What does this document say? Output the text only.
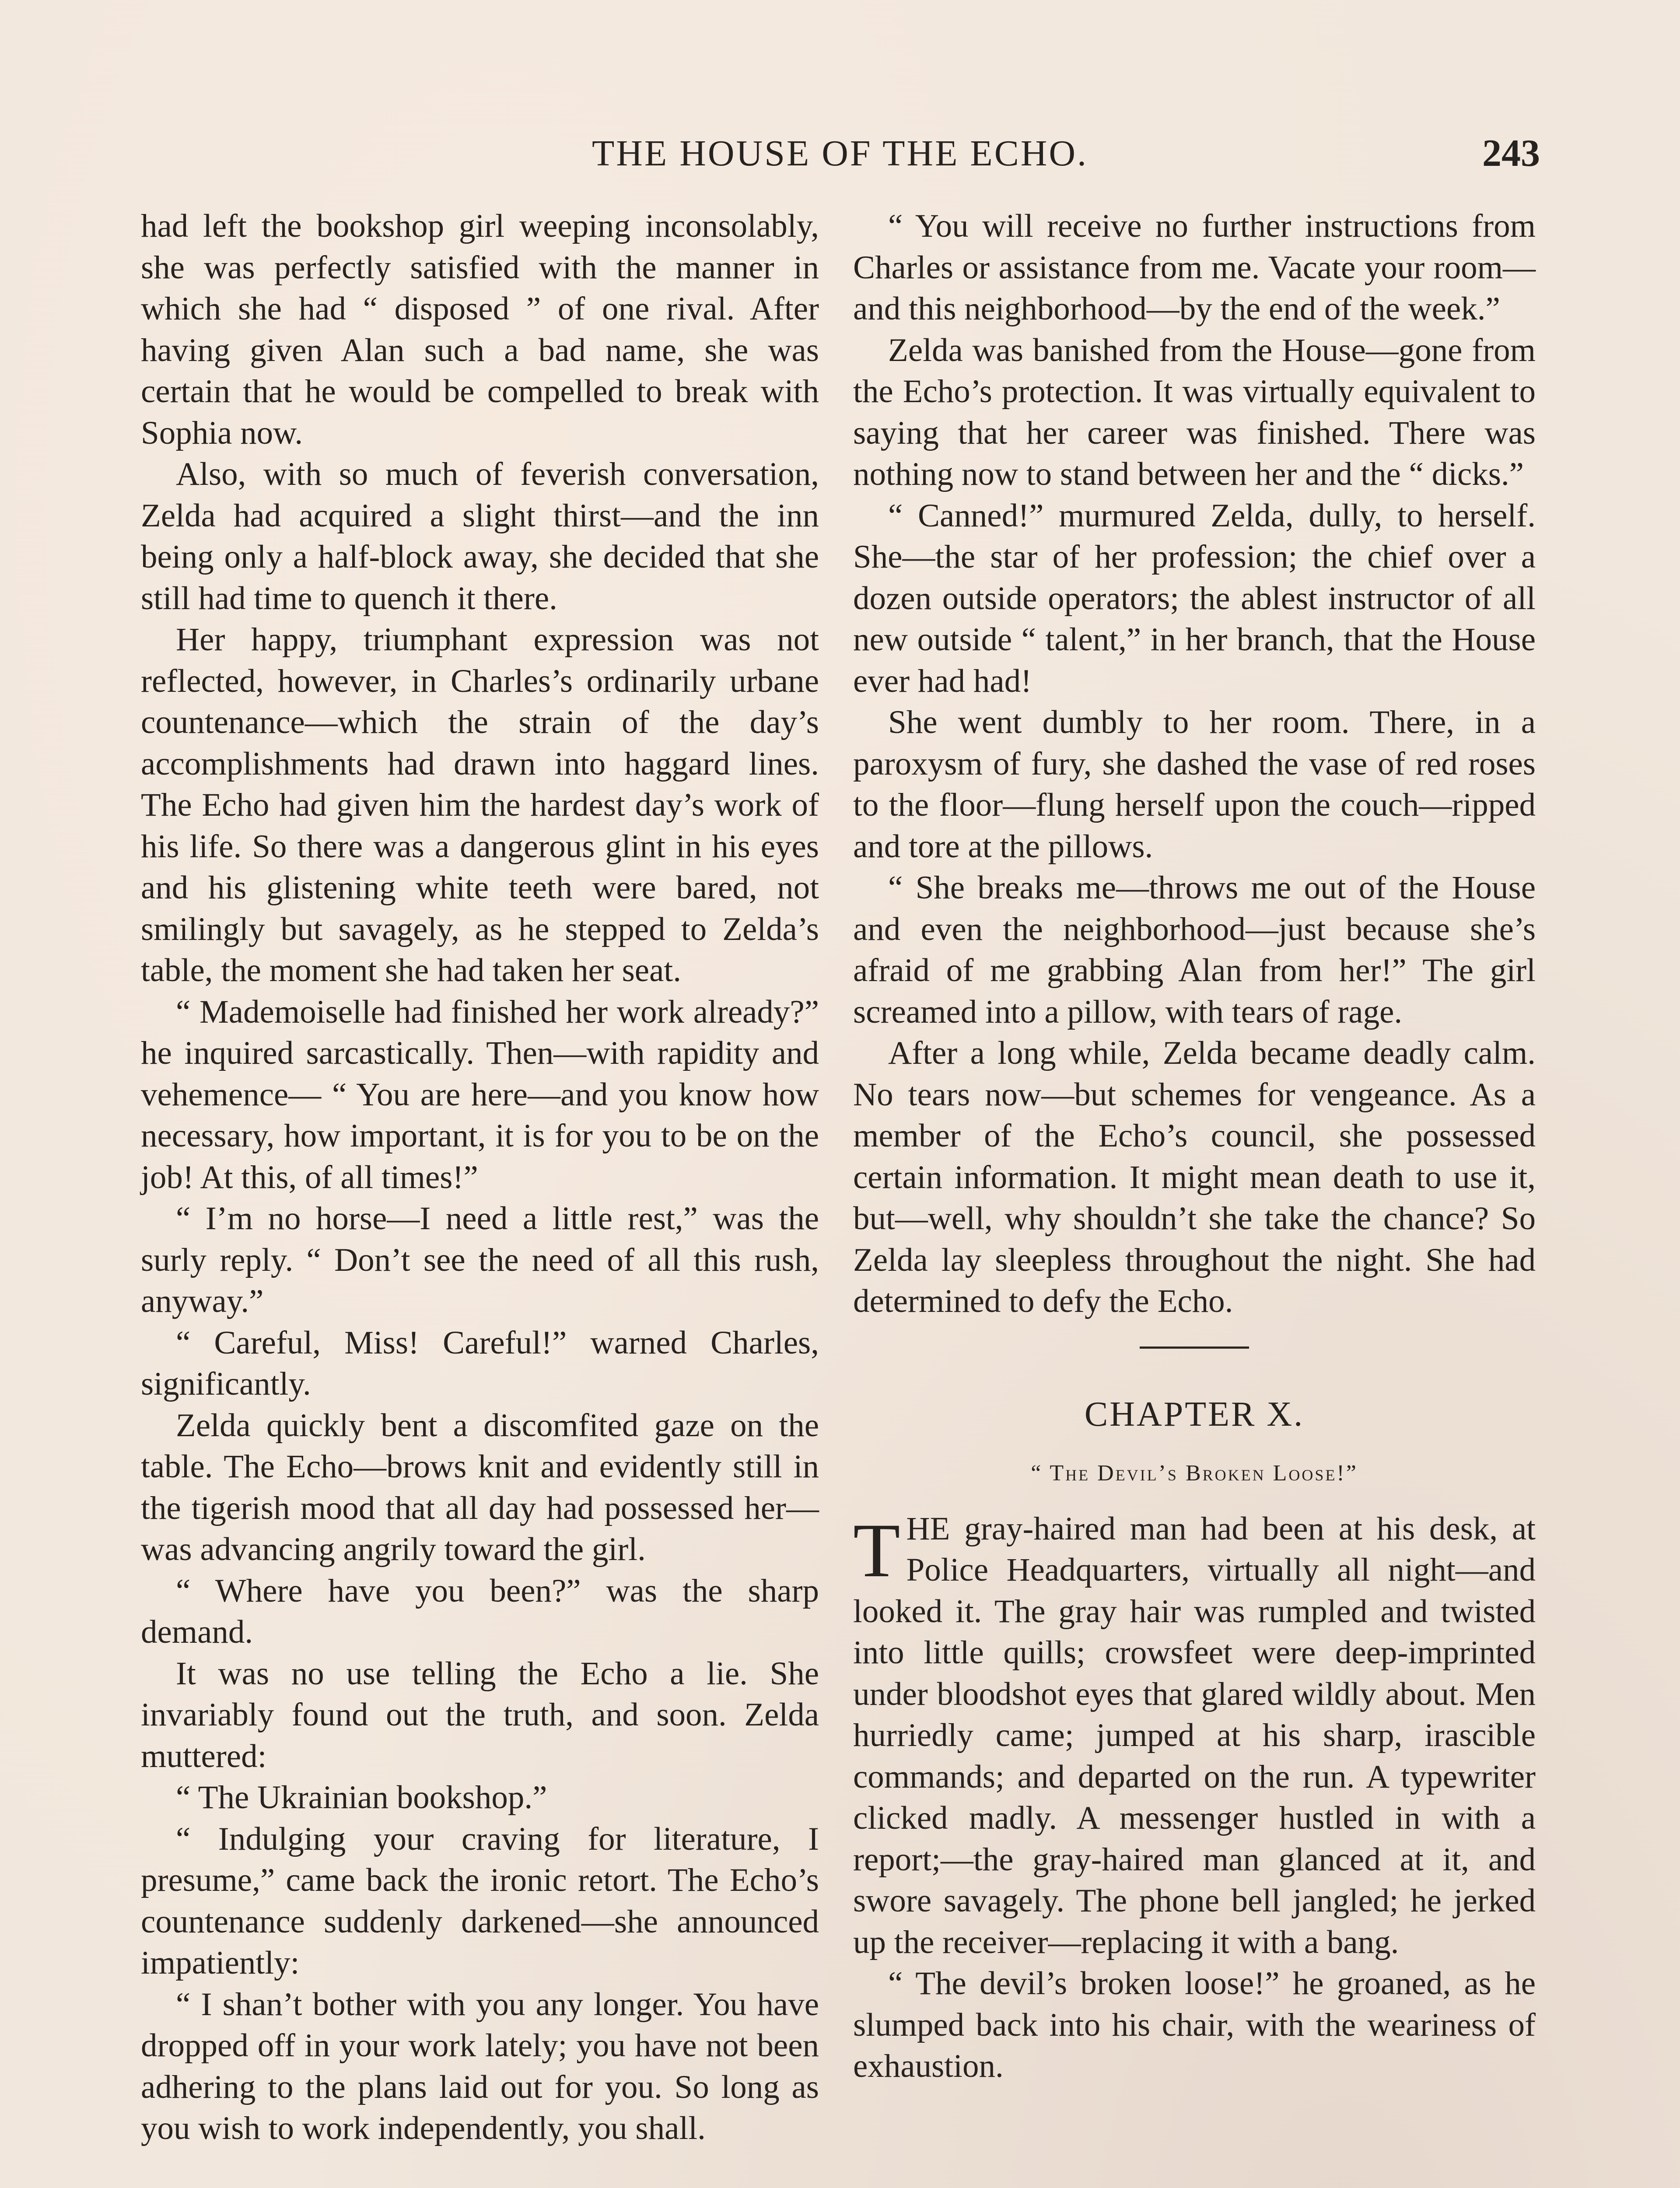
THE HOUSE OF THE ECHO.	243

had left the bookshop girl weeping inconsolably, she was perfectly satisfied with the manner in which she had “ disposed ” of one rival. After having given Alan such a bad name, she was certain that he would be compelled to break with Sophia now.

Also, with so much of feverish conversation, Zelda had acquired a slight thirst—and the inn being only a half-block away, she decided that she still had time to quench it there.

Her happy, triumphant expression was not reflected, however, in Charles’s ordinarily urbane countenance—which the strain of the day’s accomplishments had drawn into haggard lines. The Echo had given him the hardest day’s work of his life. So there was a dangerous glint in his eyes and his glistening white teeth were bared, not smilingly but savagely, as he stepped to Zelda’s table, the moment she had taken her seat.

“ Mademoiselle had finished her work already?” he inquired sarcastically. Then—with rapidity and vehemence— “ You are here—and you know how necessary, how important, it is for you to be on the job! At this, of all times!”

“ I’m no horse—I need a little rest,” was the surly reply. “ Don’t see the need of all this rush, anyway.”

“ Careful, Miss! Careful!” warned Charles, significantly.

Zelda quickly bent a discomfited gaze on the table. The Echo—brows knit and evidently still in the tigerish mood that all day had possessed her—was advancing angrily toward the girl.

“ Where have you been?” was the sharp demand.

It was no use telling the Echo a lie. She invariably found out the truth, and soon. Zelda muttered:

“ The Ukrainian bookshop.”

“ Indulging your craving for literature, I presume,” came back the ironic retort. The Echo’s countenance suddenly darkened—she announced impatiently:

“ I shan’t bother with you any longer. You have dropped off in your work lately; you have not been adhering to the plans laid out for you. So long as you wish to work independently, you shall.

“ You will receive no further instructions from Charles or assistance from me. Vacate your room—and this neighborhood—by the end of the week.”

Zelda was banished from the House—gone from the Echo’s protection. It was virtually equivalent to saying that her career was finished. There was nothing now to stand between her and the “ dicks.”

“ Canned!” murmured Zelda, dully, to herself. She—the star of her profession; the chief over a dozen outside operators; the ablest instructor of all new outside “ talent,” in her branch, that the House ever had had!

She went dumbly to her room. There, in a paroxysm of fury, she dashed the vase of red roses to the floor—flung herself upon the couch—ripped and tore at the pillows.

“ She breaks me—throws me out of the House and even the neighborhood—just because she’s afraid of me grabbing Alan from her!” The girl screamed into a pillow, with tears of rage.

After a long while, Zelda became deadly calm. No tears now—but schemes for vengeance. As a member of the Echo’s council, she possessed certain information. It might mean death to use it, but—well, why shouldn’t she take the chance? So Zelda lay sleepless throughout the night. She had determined to defy the Echo.

CHAPTER X.
“ The Devil’s Broken Loose!”

THE gray-haired man had been at his desk, at Police Headquarters, virtually all night—and looked it. The gray hair was rumpled and twisted into little quills; crowsfeet were deep-imprinted under bloodshot eyes that glared wildly about. Men hurriedly came; jumped at his sharp, irascible commands; and departed on the run. A typewriter clicked madly. A messenger hustled in with a report;—the gray-haired man glanced at it, and swore savagely. The phone bell jangled; he jerked up the receiver—replacing it with a bang.

“ The devil’s broken loose!” he groaned, as he slumped back into his chair, with the weariness of exhaustion.
